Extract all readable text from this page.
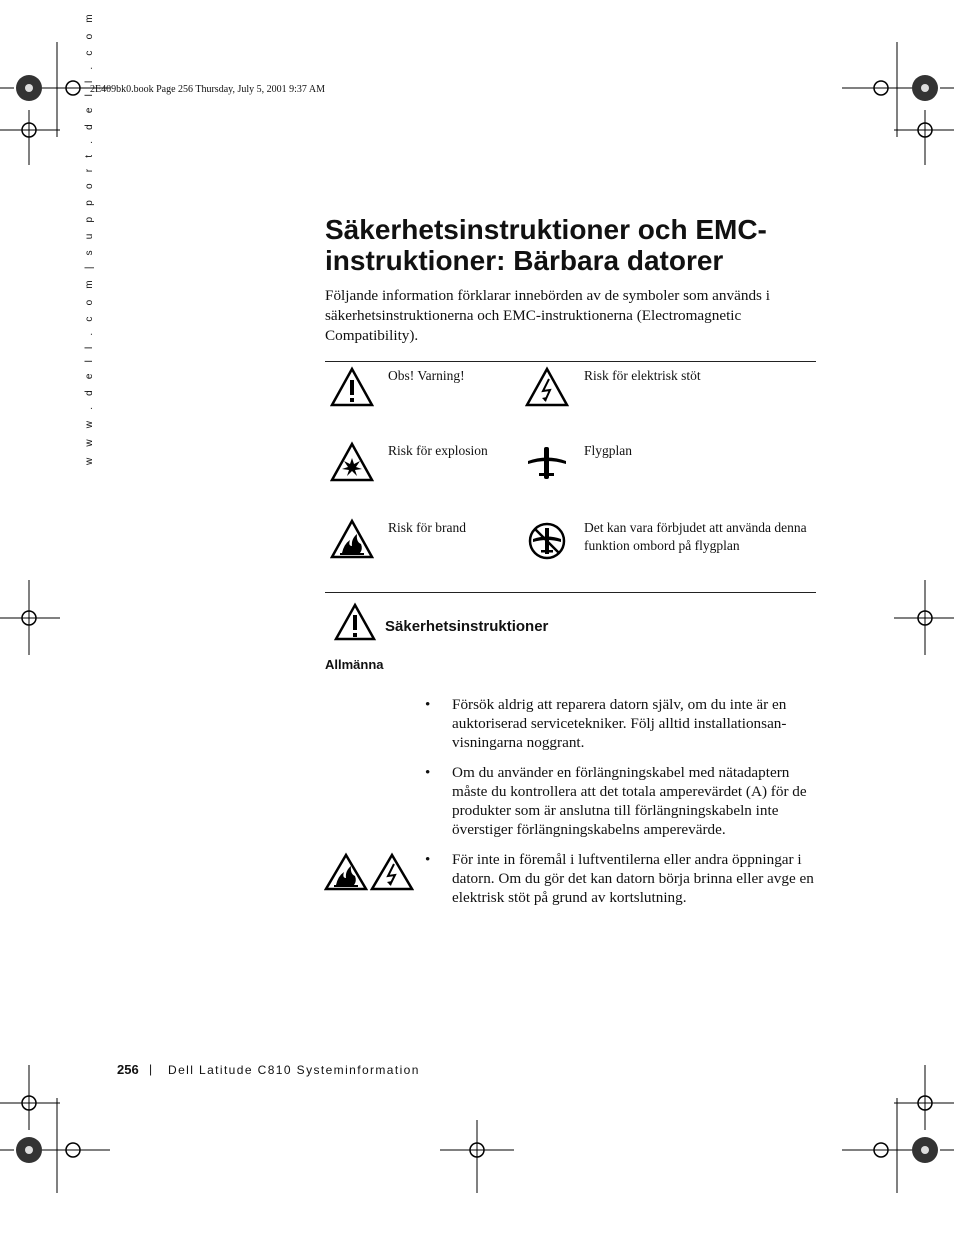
2E409bk0.book Page 256 Thursday, July 5, 2001 9:37 AM
w w w . d e l l . c o m | s u p p o r t . d e l l . c o m	Säkerhetsinstruktioner och EMC-instruktioner: Bärbara datorer
Följande information förklarar innebörden av de symboler som används i säkerhetsinstruktionerna och EMC-instruktionerna (Electromagnetic Compatibility).
Obs! Varning!	Risk för elektrisk stöt
Risk för explosion	Flygplan
Risk för brand	Det kan vara förbjudet att använda denna funktion ombord på flygplan
Säkerhetsinstruktioner
Allmänna
• Försök aldrig att reparera datorn själv, om du inte är en auktoriserad servicetekniker. Följ alltid installationsan-visningarna noggrant.
• Om du använder en förlängningskabel med nätadaptern måste du kontrollera att det totala amperevärdet (A) för de produkter som är anslutna till förlängningskabeln inte överstiger förlängningskabelns amperevärde.
• För inte in föremål i luftventilerna eller andra öppningar i datorn. Om du gör det kan datorn börja brinna eller avge en elektrisk stöt på grund av kortslutning.
256 | Dell Latitude C810 Systeminformation
